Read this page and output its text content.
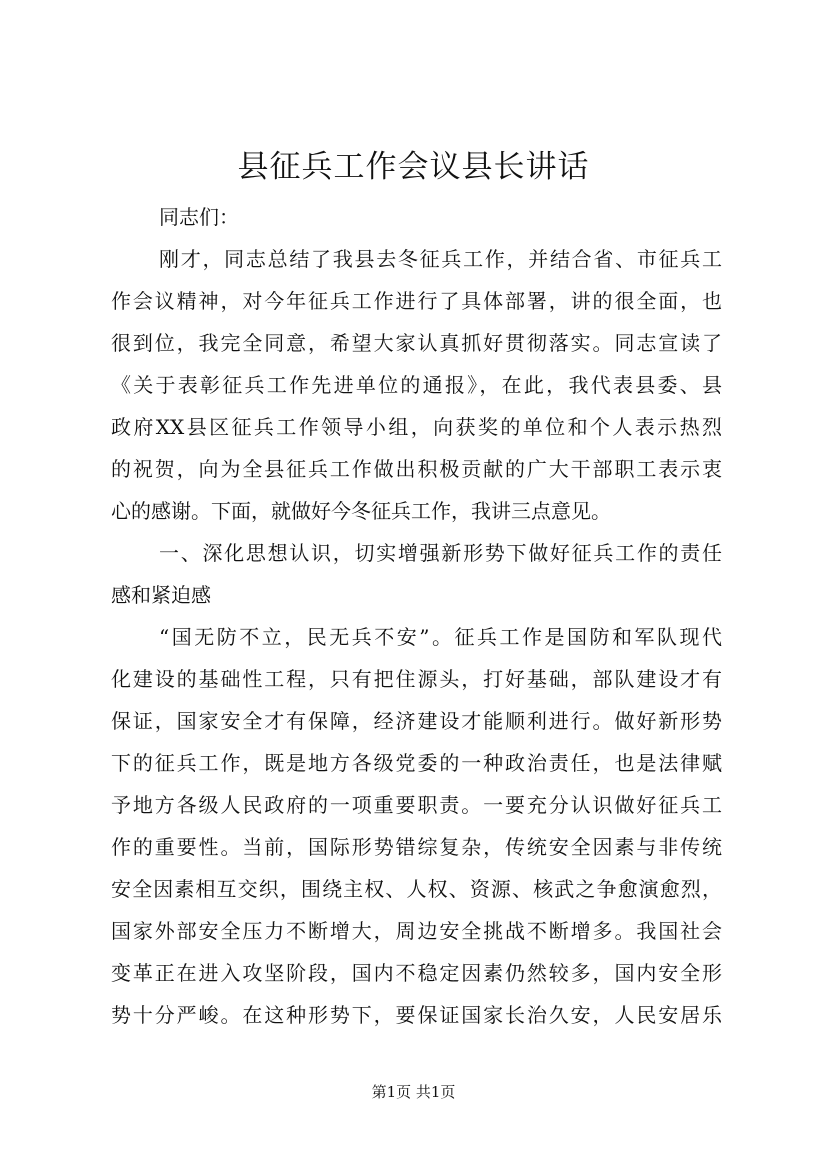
县征兵工作会议县长讲话
同志们：
刚才，同志总结了我县去冬征兵工作，并结合省、市征兵工
作会议精神，对今年征兵工作进行了具体部署，讲的很全面，也
很到位，我完全同意，希望大家认真抓好贯彻落实。同志宣读了
《关于表彰征兵工作先进单位的通报》，在此，我代表县委、县
政府XX县区征兵工作领导小组，向获奖的单位和个人表示热烈
的祝贺，向为全县征兵工作做出积极贡献的广大干部职工表示衷
心的感谢。下面，就做好今冬征兵工作，我讲三点意见。
一、深化思想认识，切实增强新形势下做好征兵工作的责任
感和紧迫感
“国无防不立，民无兵不安”。征兵工作是国防和军队现代
化建设的基础性工程，只有把住源头，打好基础，部队建设才有
保证，国家安全才有保障，经济建设才能顺利进行。做好新形势
下的征兵工作，既是地方各级党委的一种政治责任，也是法律赋
予地方各级人民政府的一项重要职责。一要充分认识做好征兵工
作的重要性。当前，国际形势错综复杂，传统安全因素与非传统
安全因素相互交织，围绕主权、人权、资源、核武之争愈演愈烈，
国家外部安全压力不断增大，周边安全挑战不断增多。我国社会
变革正在进入攻坚阶段，国内不稳定因素仍然较多，国内安全形
势十分严峻。在这种形势下，要保证国家长治久安，人民安居乐
第1页 共1页
